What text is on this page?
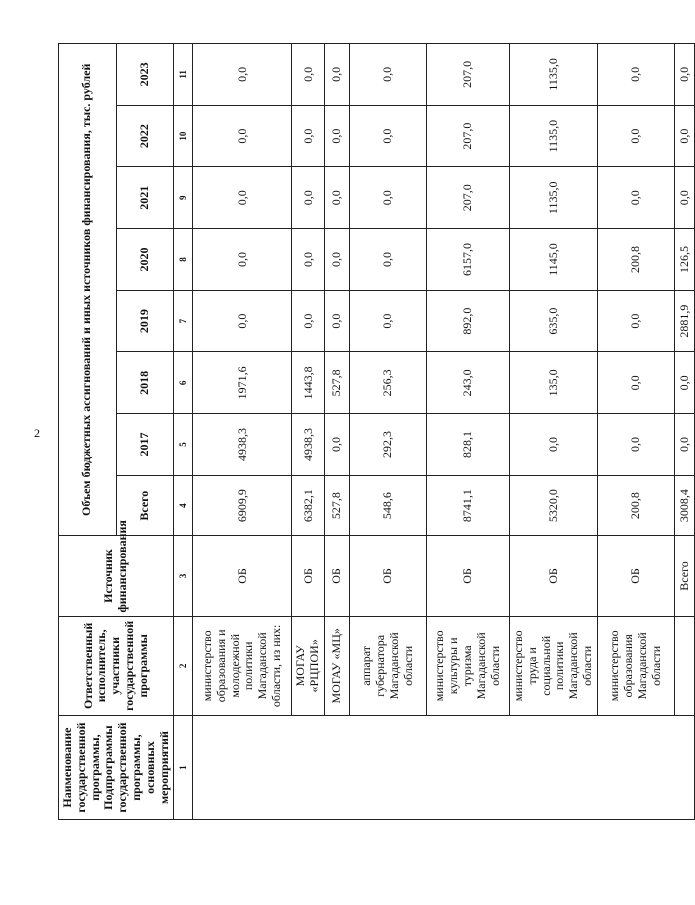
2
Наименование государственной программы, Подпрограммы государственной программы, основных мероприятий	Ответственный исполнитель, участники государственной программы	Источник финансирования	Объем бюджетных ассигнований и иных источников финансирования, тыс. рублей							
			Всего	2017	2018	2019	2020	2021	2022	2023
1	2	3	4	5	6	7	8	9	10	11
	министерство образования и молодежной политики Магаданской области, из них:	ОБ	6909,9	4938,3	1971,6	0,0	0,0	0,0	0,0	0,0
	МОГАУ «РЦПОИ»	ОБ	6382,1	4938,3	1443,8	0,0	0,0	0,0	0,0	0,0
	МОГАУ «МЦ»	ОБ	527,8	0,0	527,8	0,0	0,0	0,0	0,0	0,0
	аппарат губернатора Магаданской области	ОБ	548,6	292,3	256,3	0,0	0,0	0,0	0,0	0,0
	министерство культуры и туризма Магаданской области	ОБ	8741,1	828,1	243,0	892,0	6157,0	207,0	207,0	207,0
	министерство труда и социальной политики Магаданской области	ОБ	5320,0	0,0	135,0	635,0	1145,0	1135,0	1135,0	1135,0
	министерство образования Магаданской области	ОБ	200,8	0,0	0,0	0,0	200,8	0,0	0,0	0,0
		Всего	3008,4	0,0	0,0	2881,9	126,5	0,0	0,0	0,0
